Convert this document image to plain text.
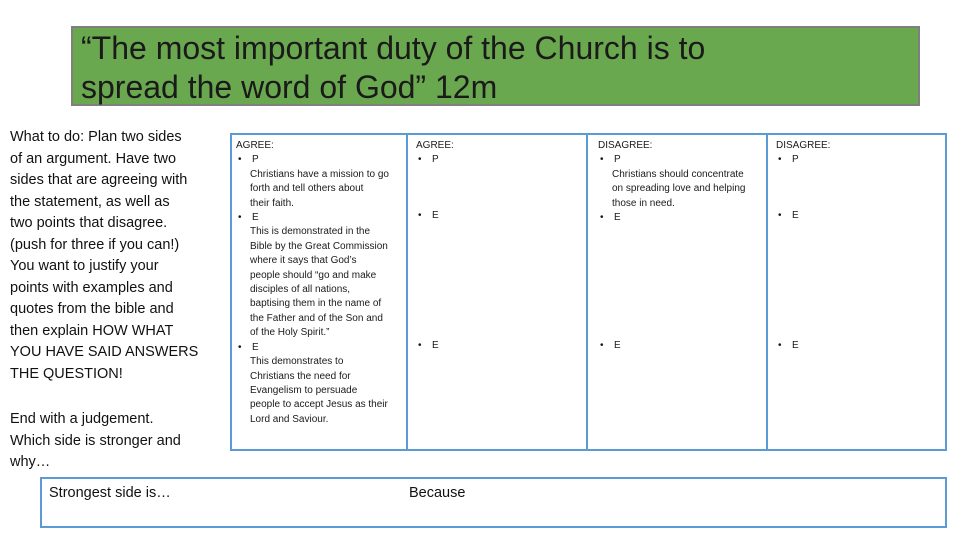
“The most important duty of the Church is to

spread the word of God” 12m

What to do: Plan two sides

of an argument. Have two

sides that are agreeing with

the statement, as well as

two points that disagree.

(push for three if you can!)

You want to justify your

points with examples and

quotes from the bible and

then explain HOW WHAT

YOU HAVE SAID ANSWERS

THE QUESTION!

End with a judgement.

Which side is stronger and

why…

AGREE:
•	P
Christians have a mission to go
forth and tell others about
their faith.
•	E
This is demonstrated in the
Bible by the Great Commission
where it says that God’s
people should “go and make
disciples of all nations,
baptising them in the name of
the Father and of the Son and
of the Holy Spirit.”
•	E
This demonstrates to
Christians the need for
Evangelism to persuade
people to accept Jesus as their
Lord and Saviour.
AGREE:
•	P
•	E
•	E
DISAGREE:
•	P
Christians should concentrate
on spreading love and helping
those in need.
•	E
•	E
DISAGREE:
•	P
•	E
•	E
Strongest side is…	Because
